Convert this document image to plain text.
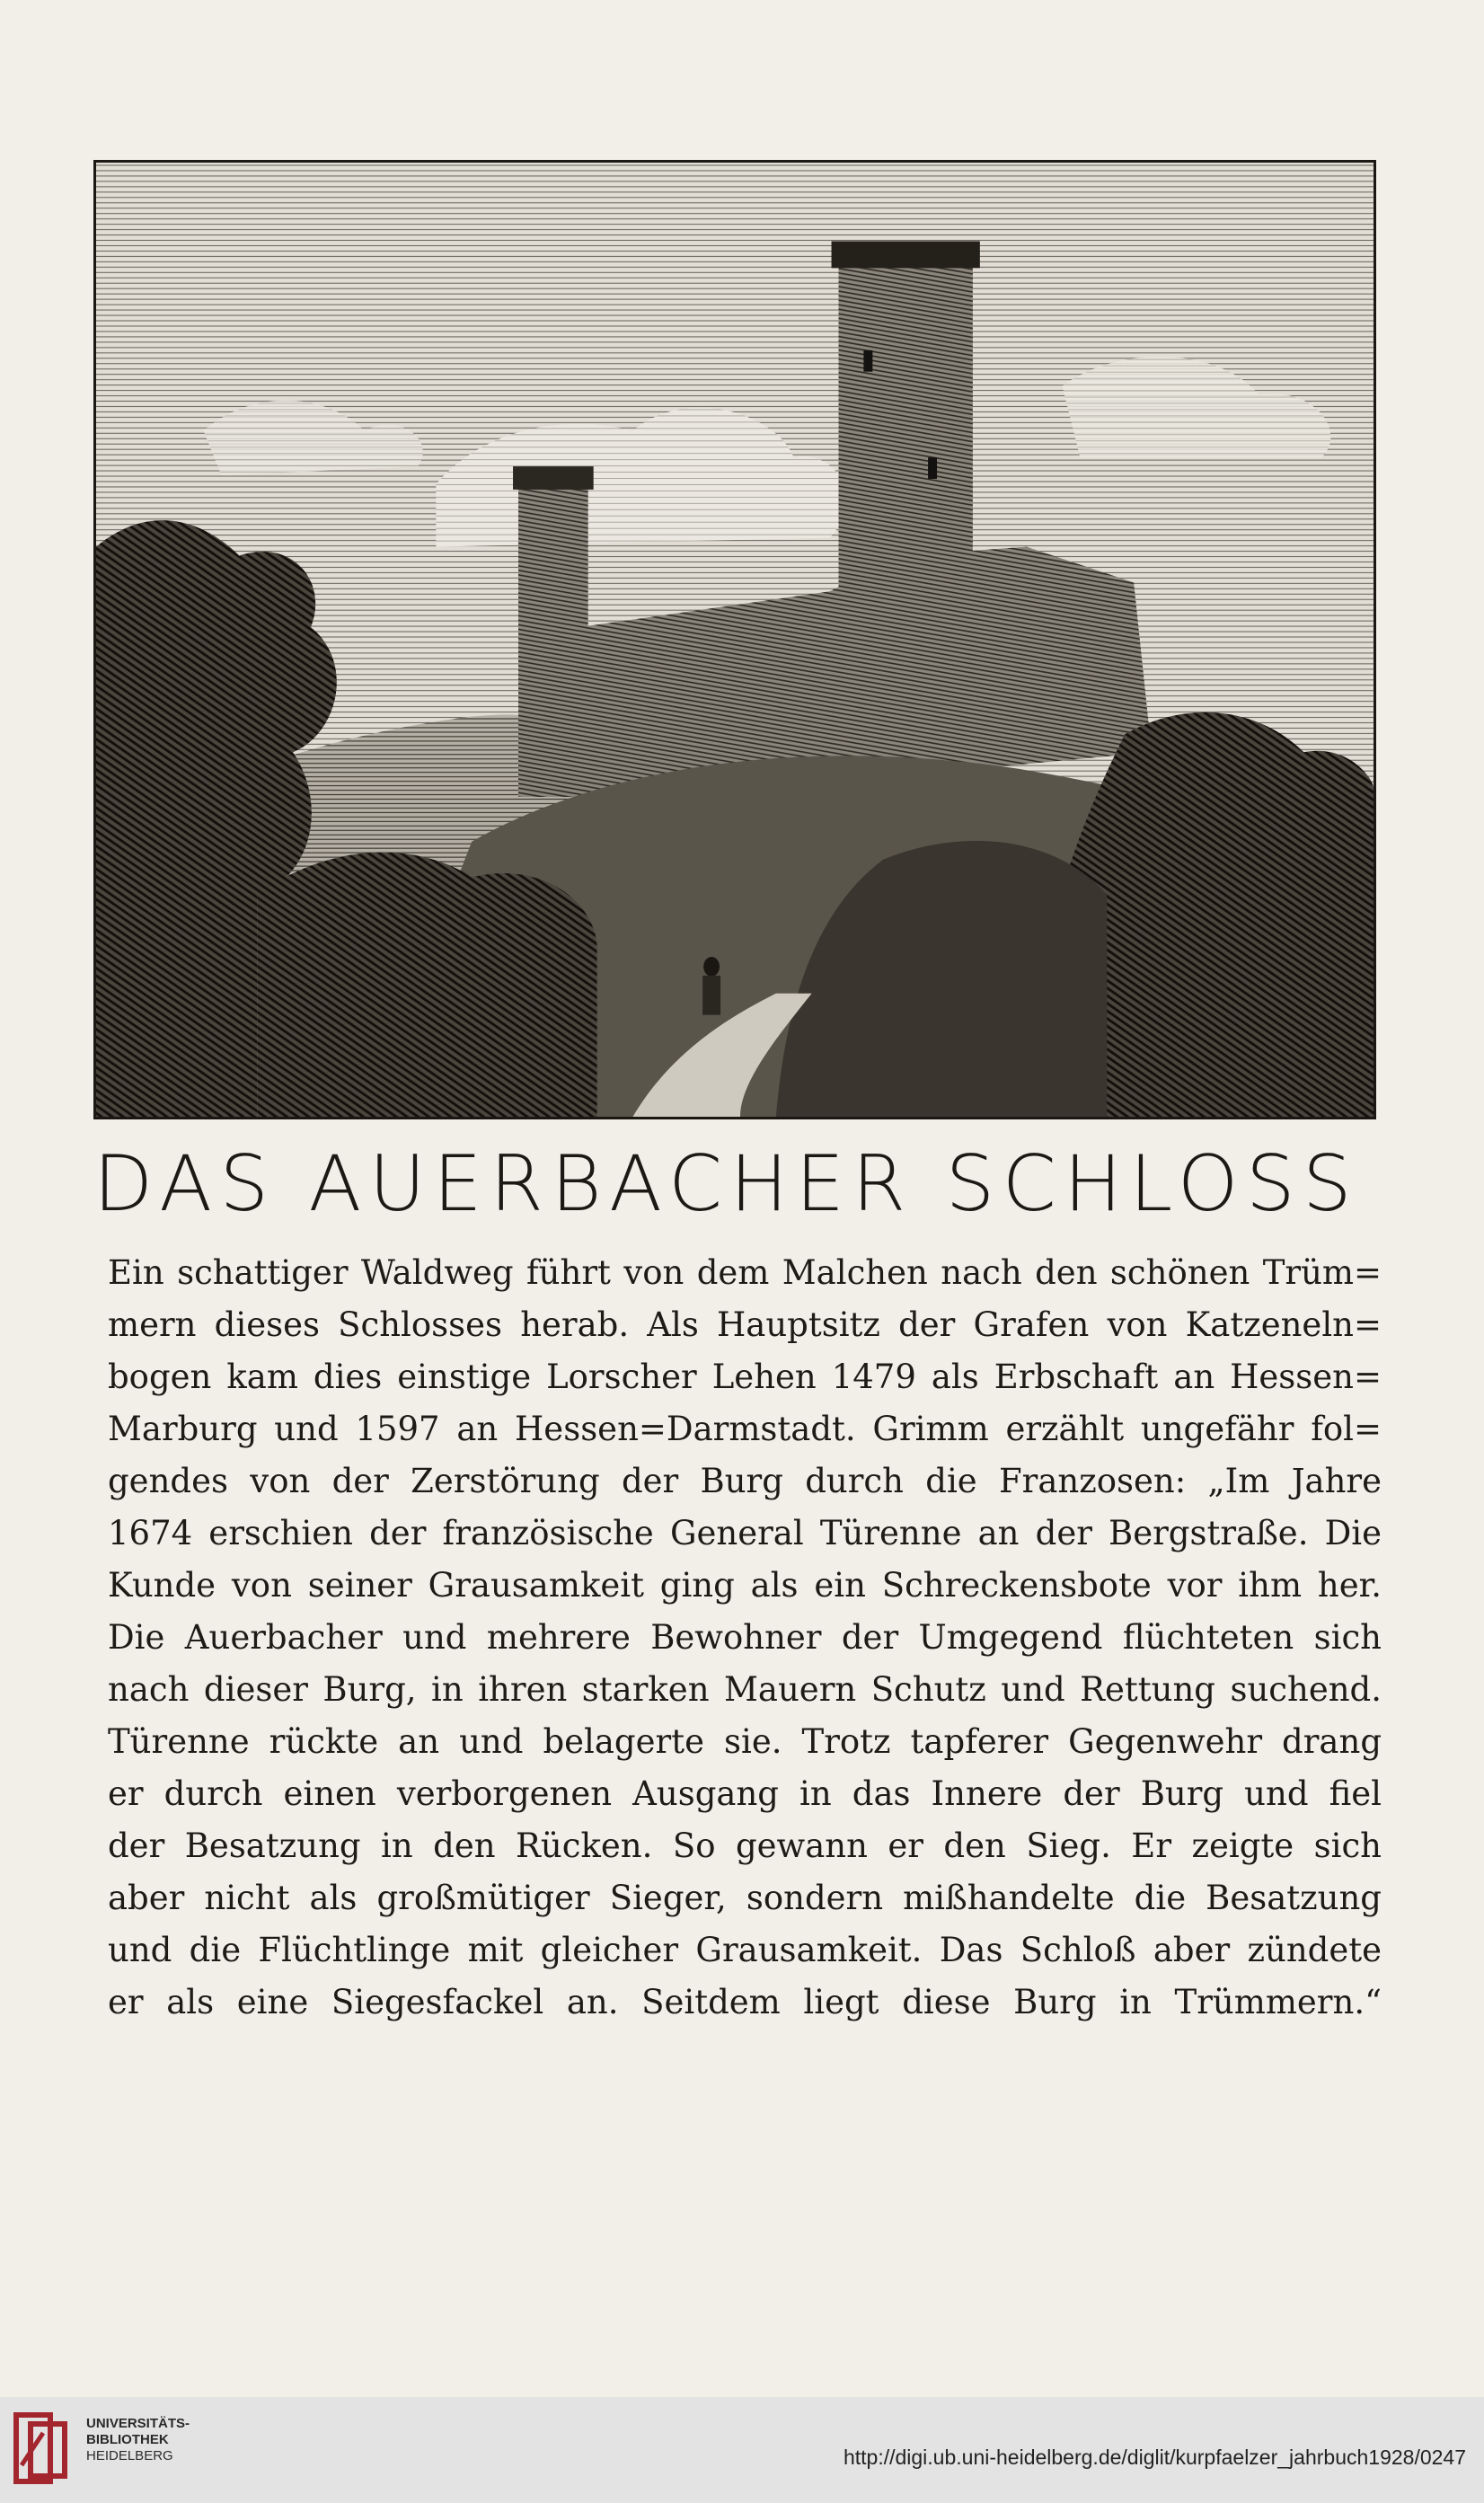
DAS AUERBACHER SCHLOSS
Ein schattiger Waldweg führt von dem Malchen nach den schönen Trüm=
mern dieses Schlosses herab. Als Hauptsitz der Grafen von Katzeneln=
bogen kam dies einstige Lorscher Lehen 1479 als Erbschaft an Hessen=
Marburg und 1597 an Hessen=Darmstadt. Grimm erzählt ungefähr fol=
gendes von der Zerstörung der Burg durch die Franzosen: „Im Jahre
1674 erschien der französische General Türenne an der Bergstraße. Die
Kunde von seiner Grausamkeit ging als ein Schreckensbote vor ihm her.
Die Auerbacher und mehrere Bewohner der Umgegend flüchteten sich
nach dieser Burg, in ihren starken Mauern Schutz und Rettung suchend.
Türenne rückte an und belagerte sie. Trotz tapferer Gegenwehr drang
er durch einen verborgenen Ausgang in das Innere der Burg und fiel
der Besatzung in den Rücken. So gewann er den Sieg. Er zeigte sich
aber nicht als großmütiger Sieger, sondern mißhandelte die Besatzung
und die Flüchtlinge mit gleicher Grausamkeit. Das Schloß aber zündete
er als eine Siegesfackel an. Seitdem liegt diese Burg in Trümmern.“
UNIVERSITÄTS-
BIBLIOTHEK
HEIDELBERG	http://digi.ub.uni-heidelberg.de/diglit/kurpfaelzer_jahrbuch1928/0247
